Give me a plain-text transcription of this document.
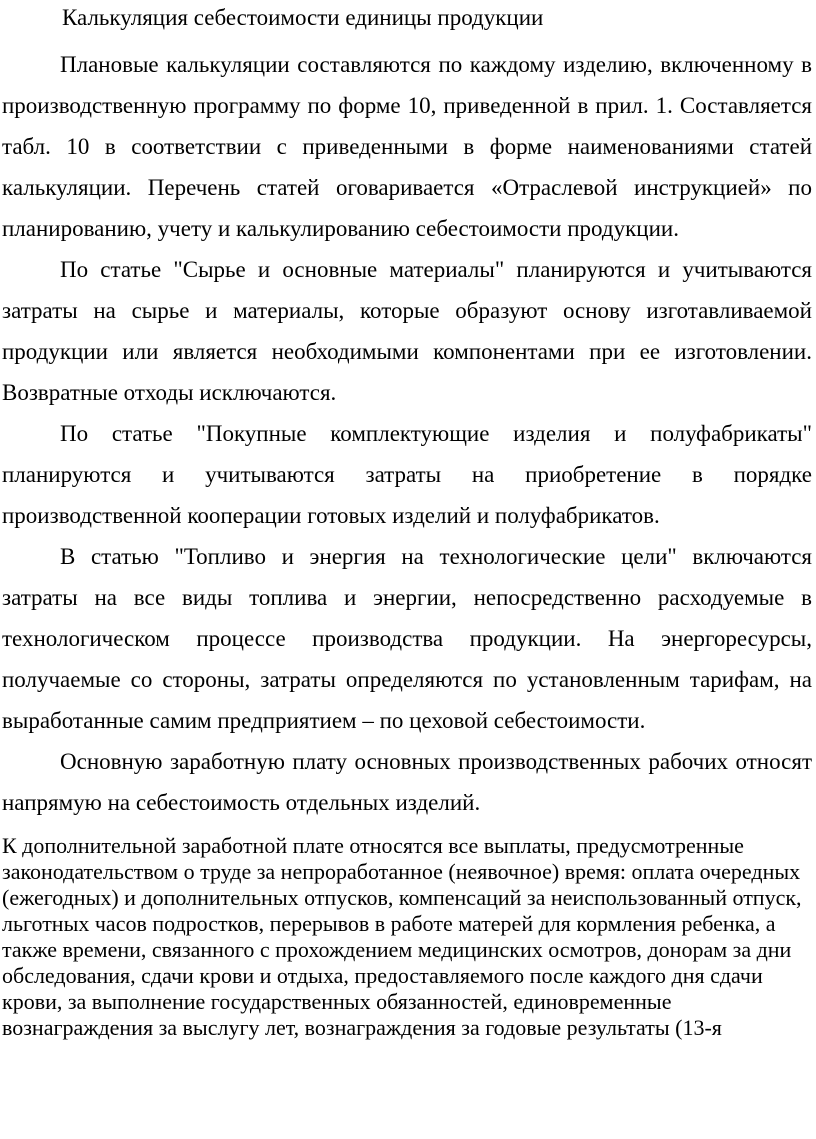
Калькуляция себестоимости единицы продукции

Плановые калькуляции составляются по каждому изделию, включенному в производственную программу по форме 10, приведенной в прил. 1. Составляется табл. 10 в соответствии с приведенными в форме наименованиями статей калькуляции. Перечень статей оговаривается «Отраслевой инструкцией» по планированию, учету и калькулированию себестоимости продукции.

По статье "Сырье и основные материалы" планируются и учитываются затраты на сырье и материалы, которые образуют основу изготавливаемой продукции или является необходимыми компонентами при ее изготовлении. Возвратные отходы исключаются.

По статье "Покупные комплектующие изделия и полуфабрикаты" планируются и учитываются затраты на приобретение в порядке производственной кооперации готовых изделий и полуфабрикатов.

В статью "Топливо и энергия на технологические цели" включаются затраты на все виды топлива и энергии, непосредственно расходуемые в технологическом процессе производства продукции. На энергоресурсы, получаемые со стороны, затраты определяются по установленным тарифам, на выработанные самим предприятием – по цеховой себестоимости.

Основную заработную плату основных производственных рабочих относят напрямую на себестоимость отдельных изделий.

К дополнительной заработной плате относятся все выплаты, предусмотренные законодательством о труде за непроработанное (неявочное) время: оплата очередных (ежегодных) и дополнительных отпусков, компенсаций за неиспользованный отпуск, льготных часов подростков, перерывов в работе матерей для кормления ребенка, а также времени, связанного с прохождением медицинских осмотров, донорам за дни обследования, сдачи крови и отдыха, предоставляемого после каждого дня сдачи крови, за выполнение государственных обязанностей, единовременные вознаграждения за выслугу лет, вознаграждения за годовые результаты (13-я
